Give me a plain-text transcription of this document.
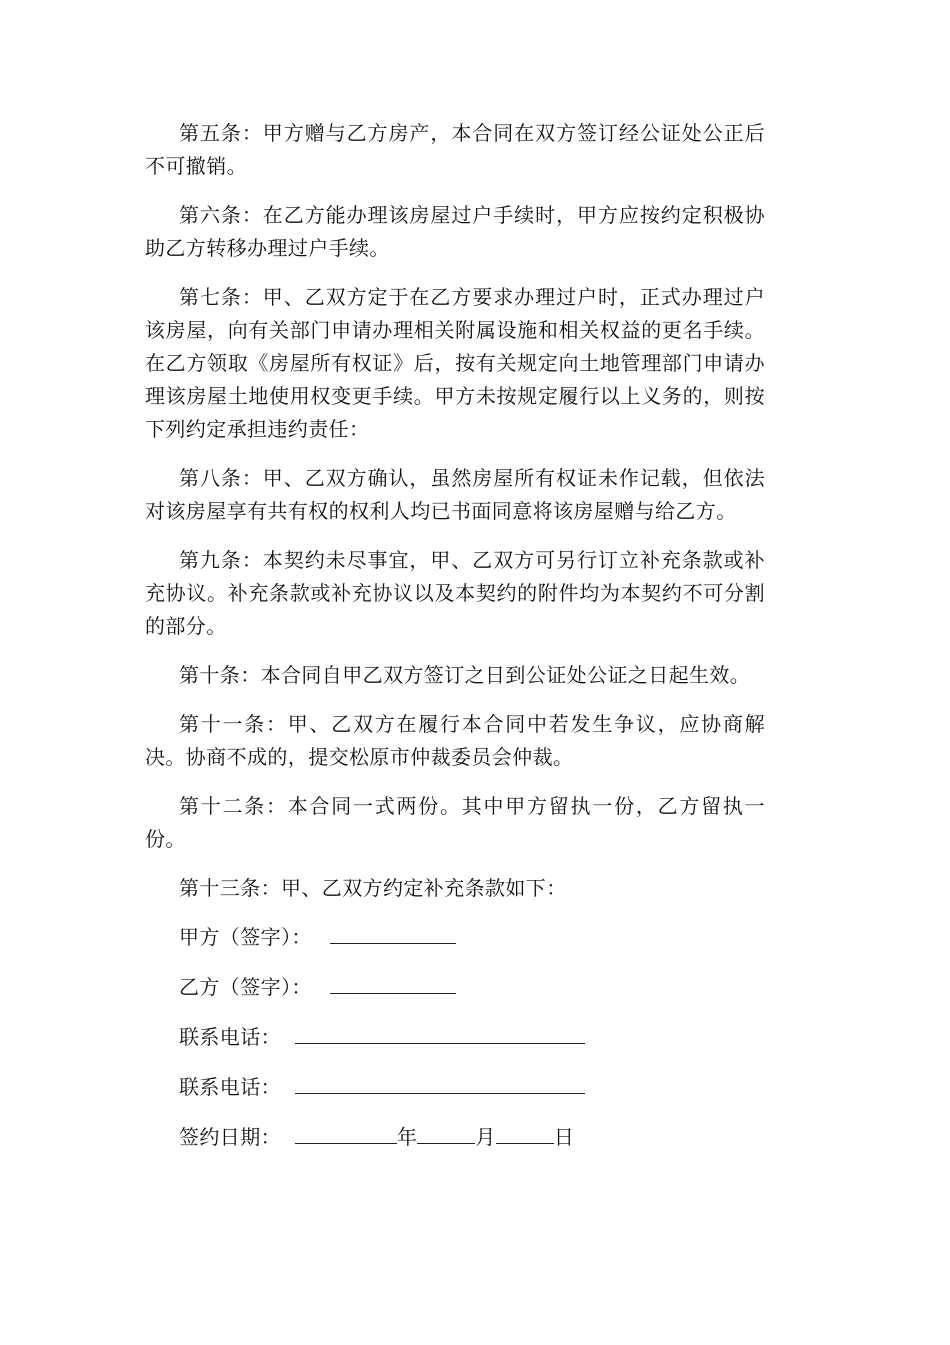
第五条：甲方赠与乙方房产，本合同在双方签订经公证处公正后不可撤销。

第六条：在乙方能办理该房屋过户手续时，甲方应按约定积极协助乙方转移办理过户手续。

第七条：甲、乙双方定于在乙方要求办理过户时，正式办理过户该房屋，向有关部门申请办理相关附属设施和相关权益的更名手续。在乙方领取《房屋所有权证》后，按有关规定向土地管理部门申请办理该房屋土地使用权变更手续。甲方未按规定履行以上义务的，则按下列约定承担违约责任：

第八条：甲、乙双方确认，虽然房屋所有权证未作记载，但依法对该房屋享有共有权的权利人均已书面同意将该房屋赠与给乙方。

第九条：本契约未尽事宜，甲、乙双方可另行订立补充条款或补充协议。补充条款或补充协议以及本契约的附件均为本契约不可分割的部分。

第十条：本合同自甲乙双方签订之日到公证处公证之日起生效。

第十一条：甲、乙双方在履行本合同中若发生争议，应协商解决。协商不成的，提交松原市仲裁委员会仲裁。

第十二条：本合同一式两份。其中甲方留执一份，乙方留执一份。

第十三条：甲、乙双方约定补充条款如下：

甲方（签字）：
乙方（签字）：
联系电话：
联系电话：
签约日期：	年	月	日
